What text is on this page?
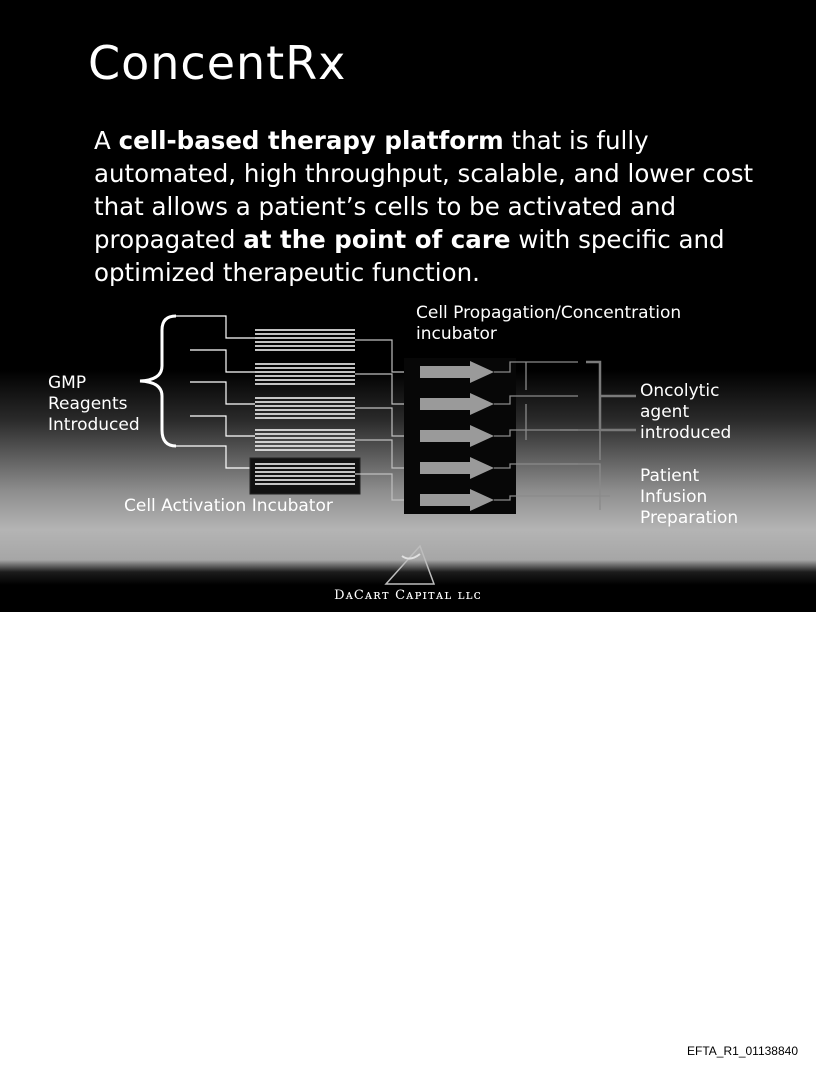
ConcentRx

A cell-based therapy platform that is fully automated, high throughput, scalable, and lower cost that allows a patient’s cells to be activated and propagated at the point of care with specific and optimized therapeutic function.

GMP
Reagents
Introduced

Cell Activation Incubator

Cell Propagation/Concentration
incubator

Oncolytic
agent
introduced

Patient
Infusion
Preparation

DᴀCᴀʀᴛ Cᴀᴘɪᴛᴀʟ ʟʟᴄ
EFTA_R1_01138840
